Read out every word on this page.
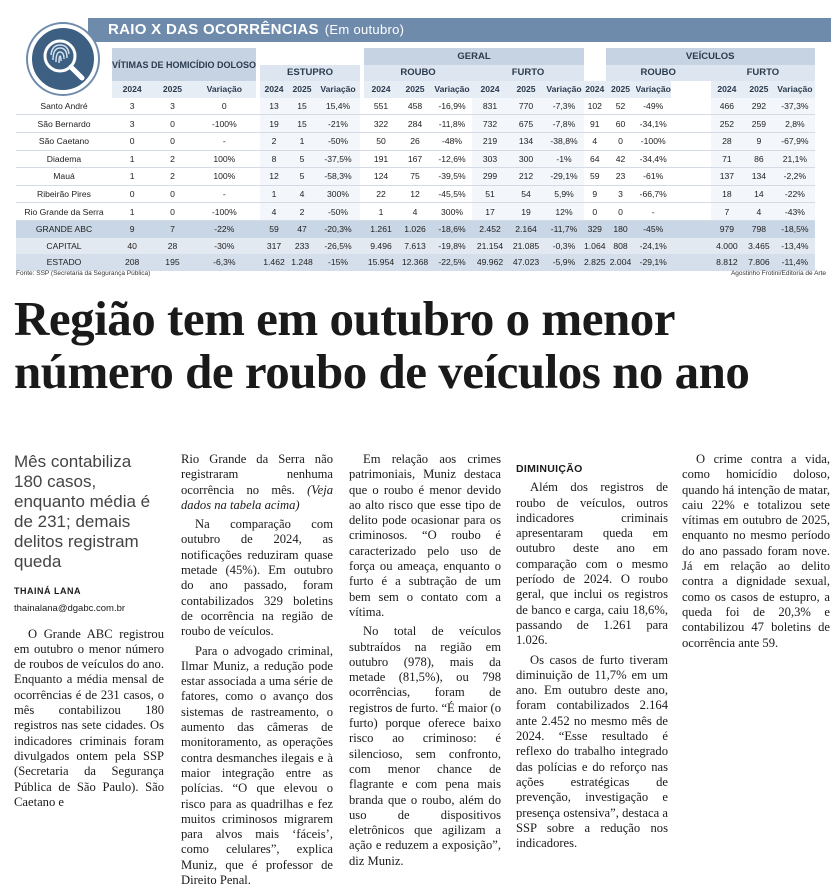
RAIO X DAS OCORRÊNCIAS (Em outubro)
	VÍTIMAS DE HOMICÍDIO DOLOSO								GERAL							VEÍCULOS					
					ESTUPRO				ROUBO			FURTO				ROUBO			FURTO		
	2024	2025	Variação		2024	2025	Variação		2024	2025	Variação	2024	2025	Variação	2024	2025	Variação		2024	2025	Variação
Santo André	3	3	0		13	15	15,4%		551	458	-16,9%	831	770	-7,3%	102	52	-49%		466	292	-37,3%
São Bernardo	3	0	-100%		19	15	-21%		322	284	-11,8%	732	675	-7,8%	91	60	-34,1%		252	259	2,8%
São Caetano	0	0	-		2	1	-50%		50	26	-48%	219	134	-38,8%	4	0	-100%		28	9	-67,9%
Diadema	1	2	100%		8	5	-37,5%		191	167	-12,6%	303	300	-1%	64	42	-34,4%		71	86	21,1%
Mauá	1	2	100%		12	5	-58,3%		124	75	-39,5%	299	212	-29,1%	59	23	-61%		137	134	-2,2%
Ribeirão Pires	0	0	-		1	4	300%		22	12	-45,5%	51	54	5,9%	9	3	-66,7%		18	14	-22%
Rio Grande da Serra	1	0	-100%		4	2	-50%		1	4	300%	17	19	12%	0	0	-		7	4	-43%
GRANDE ABC	9	7	-22%		59	47	-20,3%		1.261	1.026	-18,6%	2.452	2.164	-11,7%	329	180	-45%		979	798	-18,5%
CAPITAL	40	28	-30%		317	233	-26,5%		9.496	7.613	-19,8%	21.154	21.085	-0,3%	1.064	808	-24,1%		4.000	3.465	-13,4%
ESTADO	208	195	-6,3%		1.462	1.248	-15%		15.954	12.368	-22,5%	49.962	47.023	-5,9%	2.825	2.004	-29,1%		8.812	7.806	-11,4%
Fonte: SSP (Secretaria da Segurança Pública)	Agostinho Frotini/Editoria de Arte
Região tem em outubro o menor
número de roubo de veículos no ano

Mês contabiliza 180 casos, enquanto média é de 231; demais delitos registram queda

THAINÁ LANA

thainalana@dgabc.com.br

O Grande ABC registrou em outubro o menor número de roubos de veículos do ano. Enquanto a média mensal de ocorrências é de 231 casos, o mês contabilizou 180 registros nas sete cidades. Os indicadores criminais foram divulgados ontem pela SSP (Secretaria da Segurança Pública de São Paulo). São Caetano e

Rio Grande da Serra não registraram nenhuma ocorrência no mês. (Veja dados na tabela acima)

Na comparação com outubro de 2024, as notificações reduziram quase metade (45%). Em outubro do ano passado, foram contabilizados 329 boletins de ocorrência na região de roubo de veículos.

Para o advogado criminal, Ilmar Muniz, a redução pode estar associada a uma série de fatores, como o avanço dos sistemas de rastreamento, o aumento das câmeras de monitoramento, as operações contra desmanches ilegais e à maior integração entre as polícias. “O que elevou o risco para as quadrilhas e fez muitos criminosos migrarem para alvos mais ‘fáceis’, como celulares”, explica Muniz, que é professor de Direito Penal.

Em relação aos crimes patrimoniais, Muniz destaca que o roubo é menor devido ao alto risco que esse tipo de delito pode ocasionar para os criminosos. “O roubo é caracterizado pelo uso de força ou ameaça, enquanto o furto é a subtração de um bem sem o contato com a vítima.

No total de veículos subtraídos na região em outubro (978), mais da metade (81,5%), ou 798 ocorrências, foram de registros de furto. “É maior (o furto) porque oferece baixo risco ao criminoso: é silencioso, sem confronto, com menor chance de flagrante e com pena mais branda que o roubo, além do uso de dispositivos eletrônicos que agilizam a ação e reduzem a exposição”, diz Muniz.

DIMINUIÇÃO

Além dos registros de roubo de veículos, outros indicadores criminais apresentaram queda em outubro deste ano em comparação com o mesmo período de 2024. O roubo geral, que inclui os registros de banco e carga, caiu 18,6%, passando de 1.261 para 1.026.

Os casos de furto tiveram diminuição de 11,7% em um ano. Em outubro deste ano, foram contabilizados 2.164 ante 2.452 no mesmo mês de 2024. “Esse resultado é reflexo do trabalho integrado das polícias e do reforço nas ações estratégicas de prevenção, investigação e presença ostensiva”, destaca a SSP sobre a redução nos indicadores.

O crime contra a vida, como homicídio doloso, quando há intenção de matar, caiu 22% e totalizou sete vítimas em outubro de 2025, enquanto no mesmo período do ano passado foram nove. Já em relação ao delito contra a dignidade sexual, como os casos de estupro, a queda foi de 20,3% e contabilizou 47 boletins de ocorrência ante 59.
